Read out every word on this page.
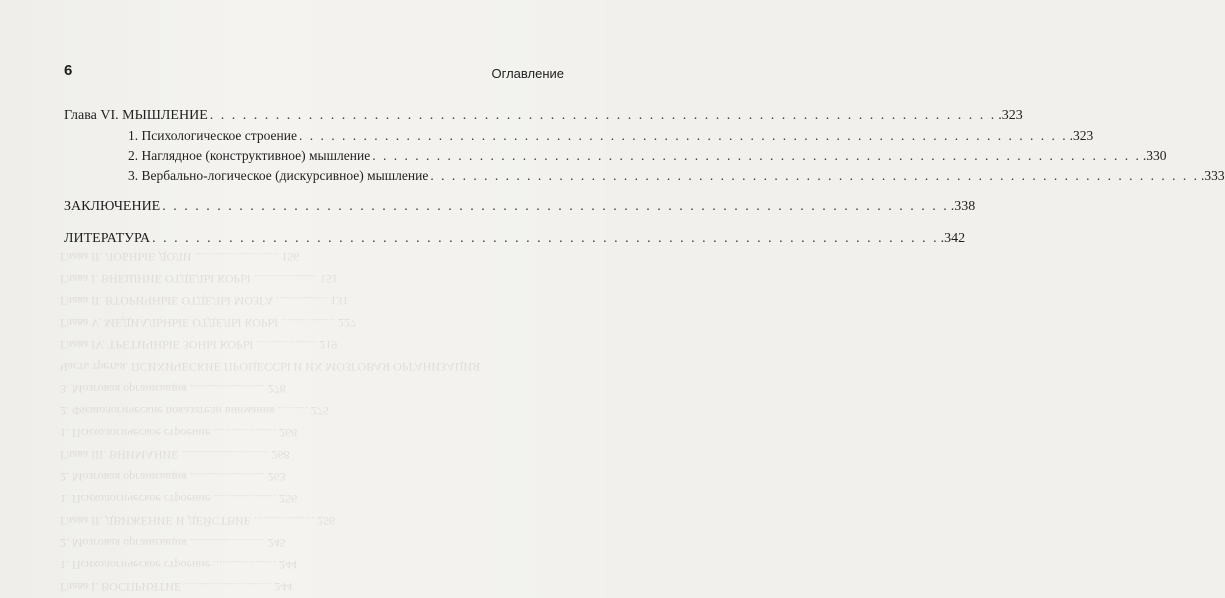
Глава I. ВОСПРИЯТИЕ ............................. 244
1. Психологическое строение ..................... 244
2. Мозговая организация ......................... 245
Глава II. ДВИЖЕНИЕ И ДЕЙСТВИЕ .................... 256
1. Психологическое строение ..................... 256
2. Мозговая организация ......................... 263
Глава III. ВНИМАНИЕ ............................. 268
1. Психологическое строение ..................... 268
2. Физиологические показатели внимания .......... 275
3. Мозговая организация ......................... 278
Часть третья. ПСИХИЧЕСКИЕ ПРОЦЕССЫ И ИХ МОЗГОВАЯ ОРГАНИЗАЦИЯ
Глава IV. ТРЕТИЧНЫЕ ЗОНЫ КОРЫ .................... 219
Глава V. МЕДИАЛЬНЫЕ ОТДЕЛЫ КОРЫ .................. 227
Глава II. ВТОРИЧНЫЕ ОТДЕЛЫ МОЗГА ................. 131
Глава I. ВНЕШНИЕ ОТДЕЛЫ КОРЫ ..................... 151
Глава II. ЛОБНЫЕ ДОЛИ ............................ 156
6	Оглавление
Глава VI. МЫШЛЕНИЕ . . . . . . . . . . . . . . . . . . . . . . . . . . . . . . . . . . . . . . . . . . . . . . . . . . . . . . . . . . . . . . . . . . . . . . . . .323
1. Психологическое строение . . . . . . . . . . . . . . . . . . . . . . . . . . . . . . . . . . . . . . . . . . . . . . . . . . . . . . . . . . . . . . . . . . . . . . . . .323
2. Наглядное (конструктивное) мышление . . . . . . . . . . . . . . . . . . . . . . . . . . . . . . . . . . . . . . . . . . . . . . . . . . . . . . . . . . . . . . . . . . . . . . . . .330
3. Вербально-логическое (дискурсивное) мышление . . . . . . . . . . . . . . . . . . . . . . . . . . . . . . . . . . . . . . . . . . . . . . . . . . . . . . . . . . . . . . . . . . . . . . . . .333
ЗАКЛЮЧЕНИЕ . . . . . . . . . . . . . . . . . . . . . . . . . . . . . . . . . . . . . . . . . . . . . . . . . . . . . . . . . . . . . . . . . . . . . . . . .338
ЛИТЕРАТУРА . . . . . . . . . . . . . . . . . . . . . . . . . . . . . . . . . . . . . . . . . . . . . . . . . . . . . . . . . . . . . . . . . . . . . . . . .342
